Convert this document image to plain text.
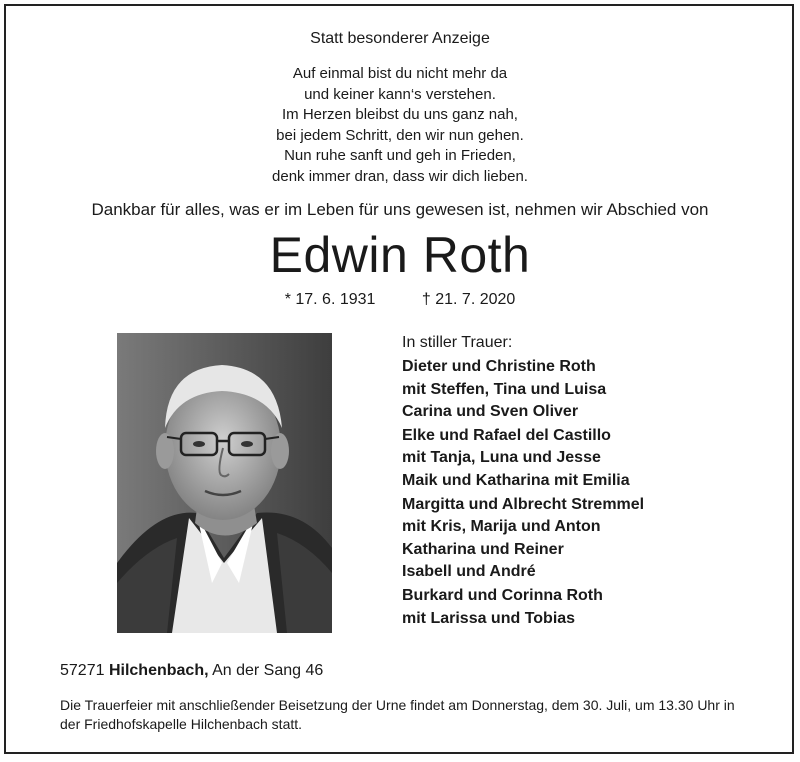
Statt besonderer Anzeige
Auf einmal bist du nicht mehr da
und keiner kann‘s verstehen.
Im Herzen bleibst du uns ganz nah,
bei jedem Schritt, den wir nun gehen.
Nun ruhe sanft und geh in Frieden,
denk immer dran, dass wir dich lieben.
Dankbar für alles, was er im Leben für uns gewesen ist, nehmen wir Abschied von
Edwin Roth
* 17. 6. 1931	† 21. 7. 2020
In stiller Trauer:
Dieter und Christine Roth
mit Steffen, Tina und Luisa
Carina und Sven Oliver
Elke und Rafael del Castillo
mit Tanja, Luna und Jesse
Maik und Katharina mit Emilia
Margitta und Albrecht Stremmel
mit Kris, Marija und Anton
Katharina und Reiner
Isabell und André
Burkard und Corinna Roth
mit Larissa und Tobias
57271 Hilchenbach, An der Sang 46
Die Trauerfeier mit anschließender Beisetzung der Urne findet am Donnerstag, dem 30. Juli, um 13.30 Uhr in der Friedhofskapelle Hilchenbach statt.
